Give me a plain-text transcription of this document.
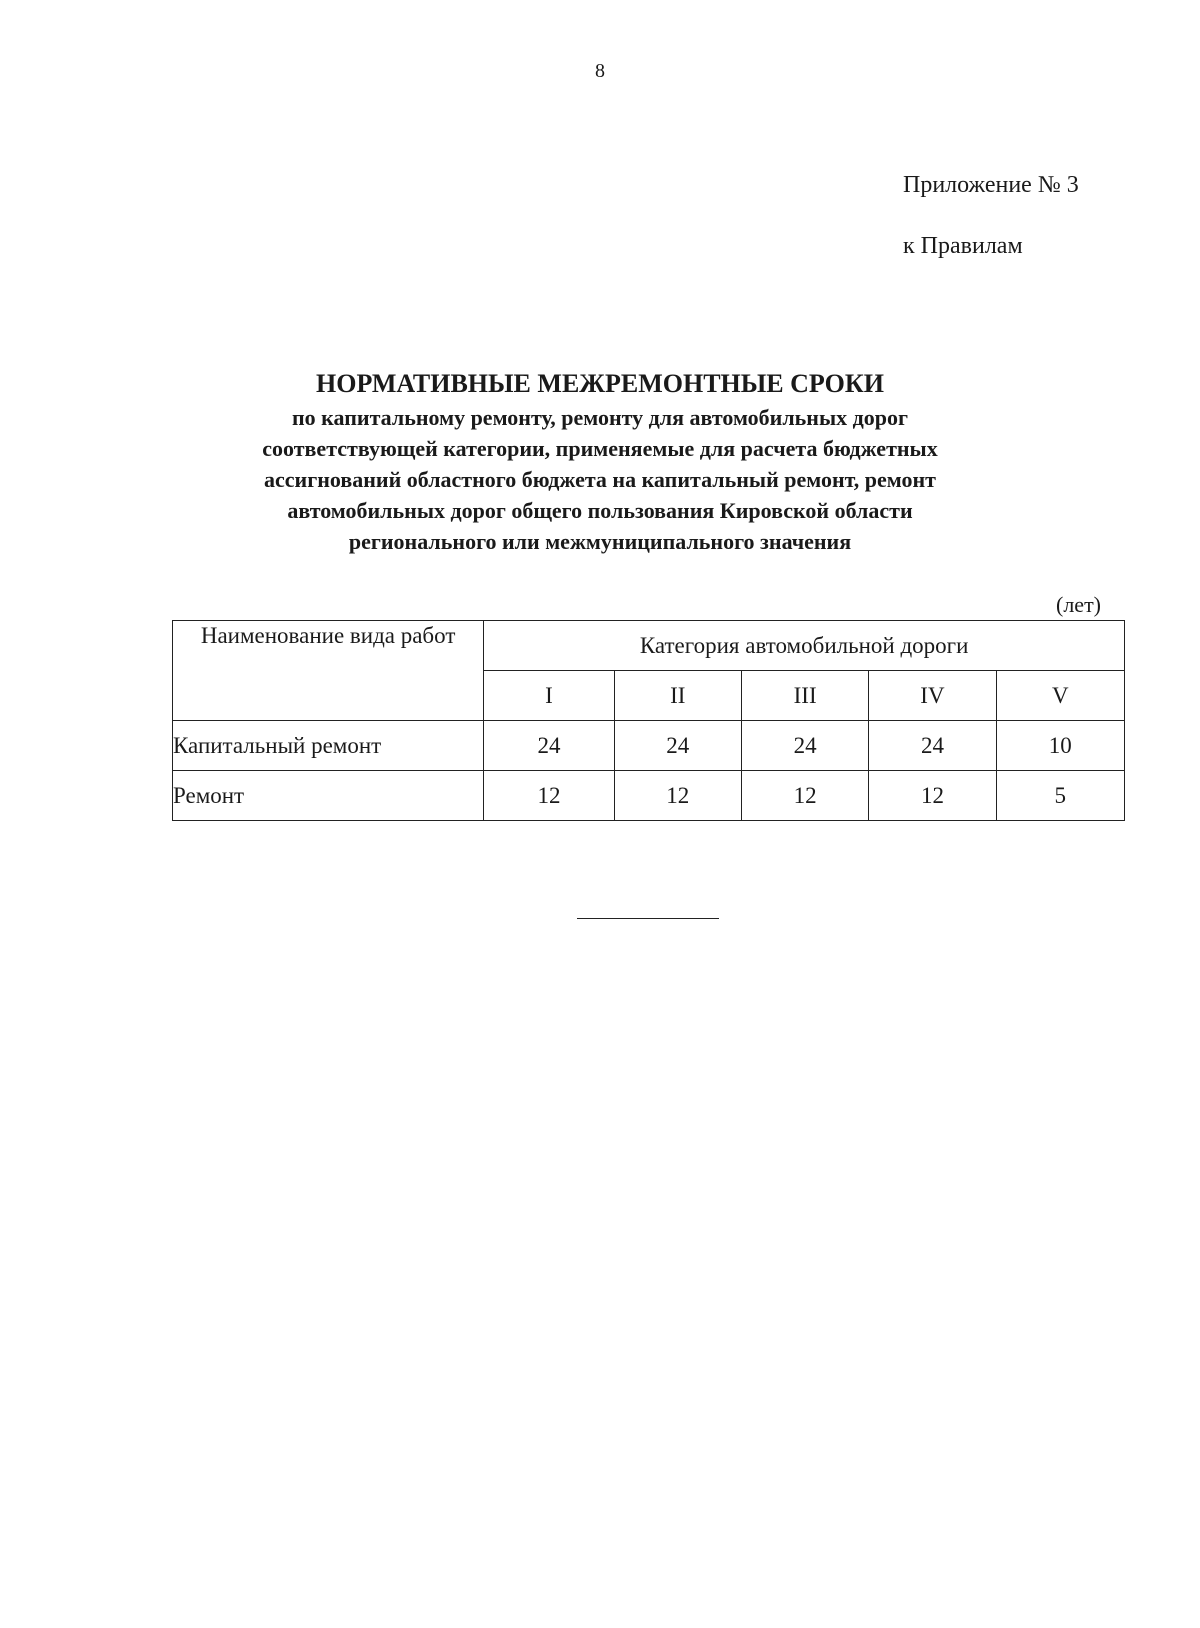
8
Приложение № 3
к Правилам

НОРМАТИВНЫЕ МЕЖРЕМОНТНЫЕ СРОКИ

по капитальному ремонту, ремонту для автомобильных дорог
соответствующей категории, применяемые для расчета бюджетных
ассигнований областного бюджета на капитальный ремонт, ремонт
автомобильных дорог общего пользования Кировской области
регионального или межмуниципального значения

(лет)
Наименование вида работ	Категория автомобильной дороги				
	I	II	III	IV	V
Капитальный ремонт	24	24	24	24	10
Ремонт	12	12	12	12	5
